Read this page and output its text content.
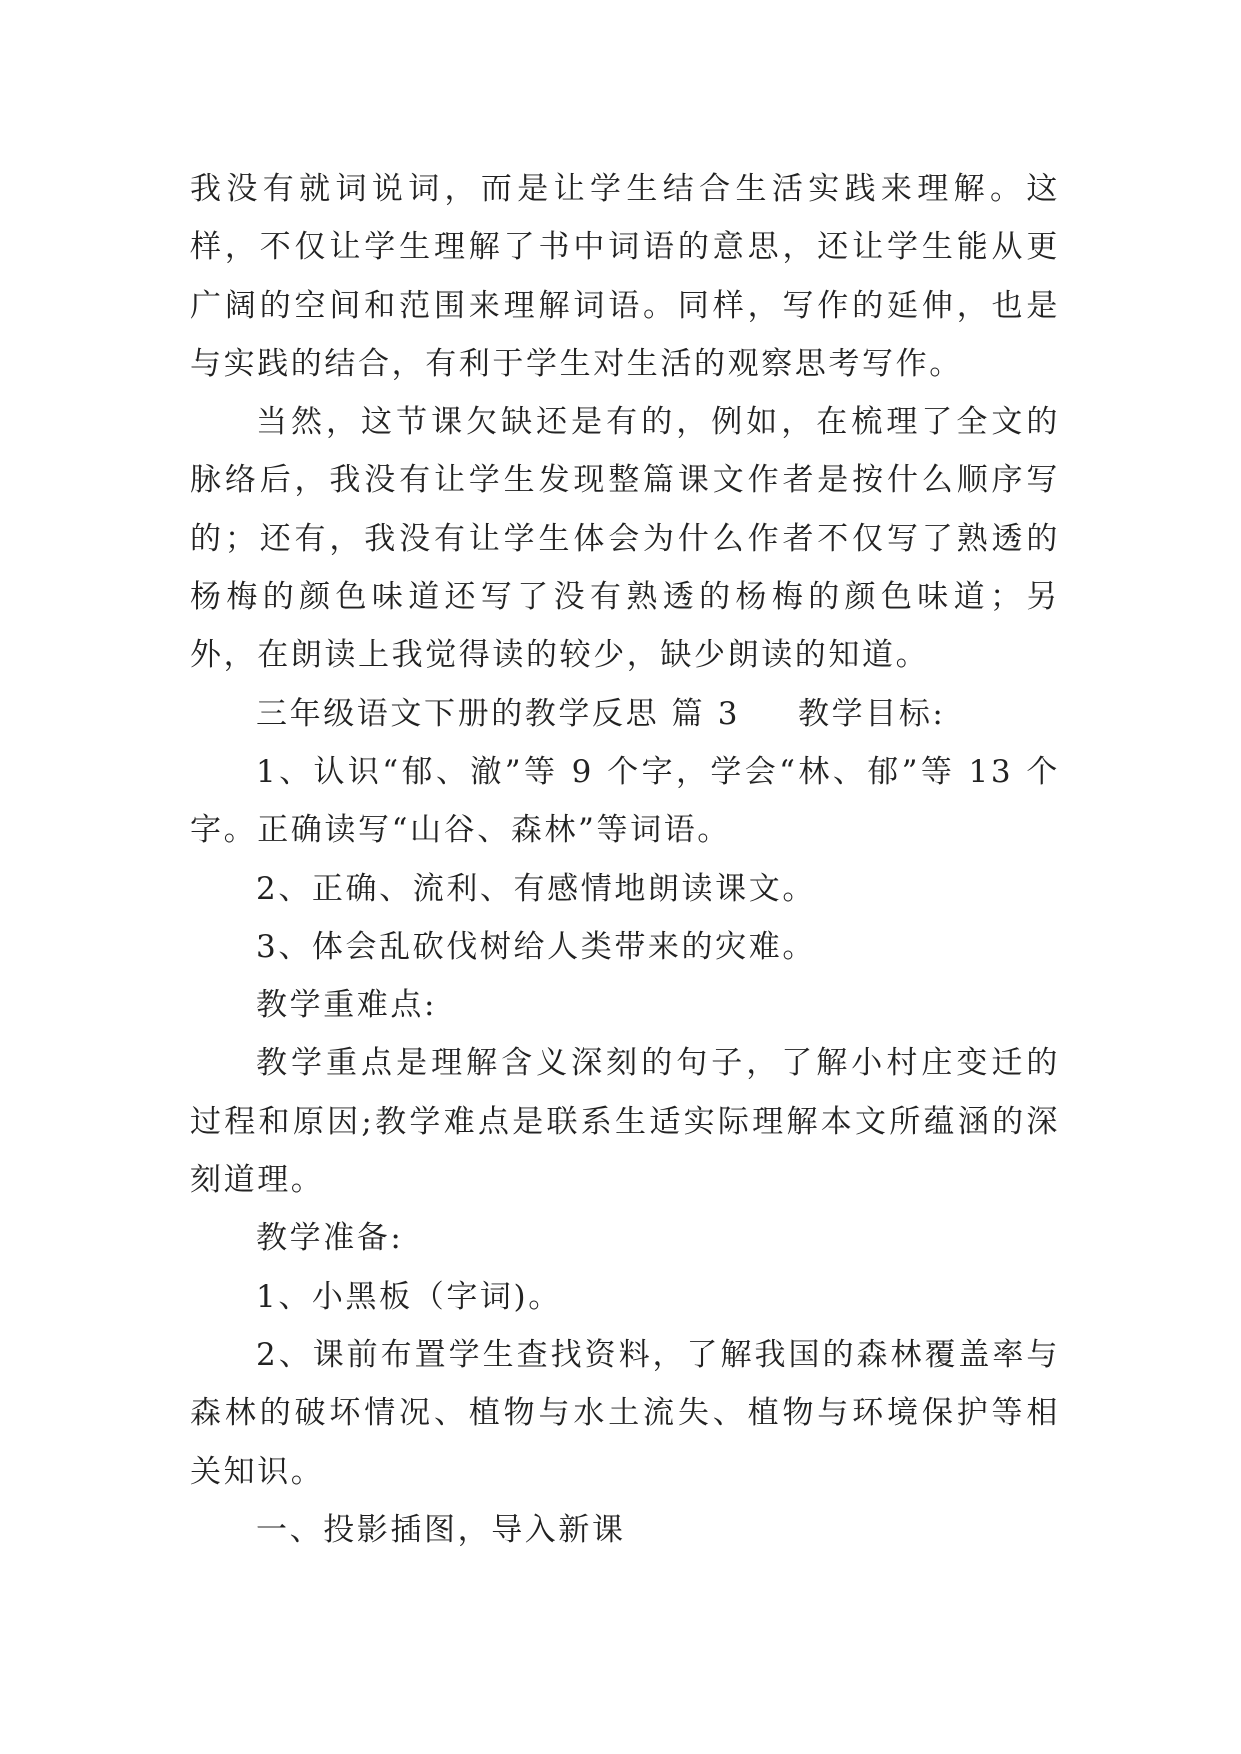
我没有就词说词，而是让学生结合生活实践来理解。这样，不仅让学生理解了书中词语的意思，还让学生能从更广阔的空间和范围来理解词语。同样，写作的延伸，也是与实践的结合，有利于学生对生活的观察思考写作。

当然，这节课欠缺还是有的，例如，在梳理了全文的脉络后，我没有让学生发现整篇课文作者是按什么顺序写的；还有，我没有让学生体会为什么作者不仅写了熟透的杨梅的颜色味道还写了没有熟透的杨梅的颜色味道；另外，在朗读上我觉得读的较少，缺少朗读的知道。

三年级语文下册的教学反思 篇 3 教学目标:

1、认识“郁、澈”等 9 个字，学会“林、郁”等 13 个字。正确读写“山谷、森林”等词语。

2、正确、流利、有感情地朗读课文。

3、体会乱砍伐树给人类带来的灾难。

教学重难点:

教学重点是理解含义深刻的句子，了解小村庄变迁的过程和原因;教学难点是联系生适实际理解本文所蕴涵的深刻道理。

教学准备:

1、小黑板（字词)。

2、课前布置学生查找资料，了解我国的森林覆盖率与森林的破坏情况、植物与水土流失、植物与环境保护等相关知识。

一、投影插图，导入新课
